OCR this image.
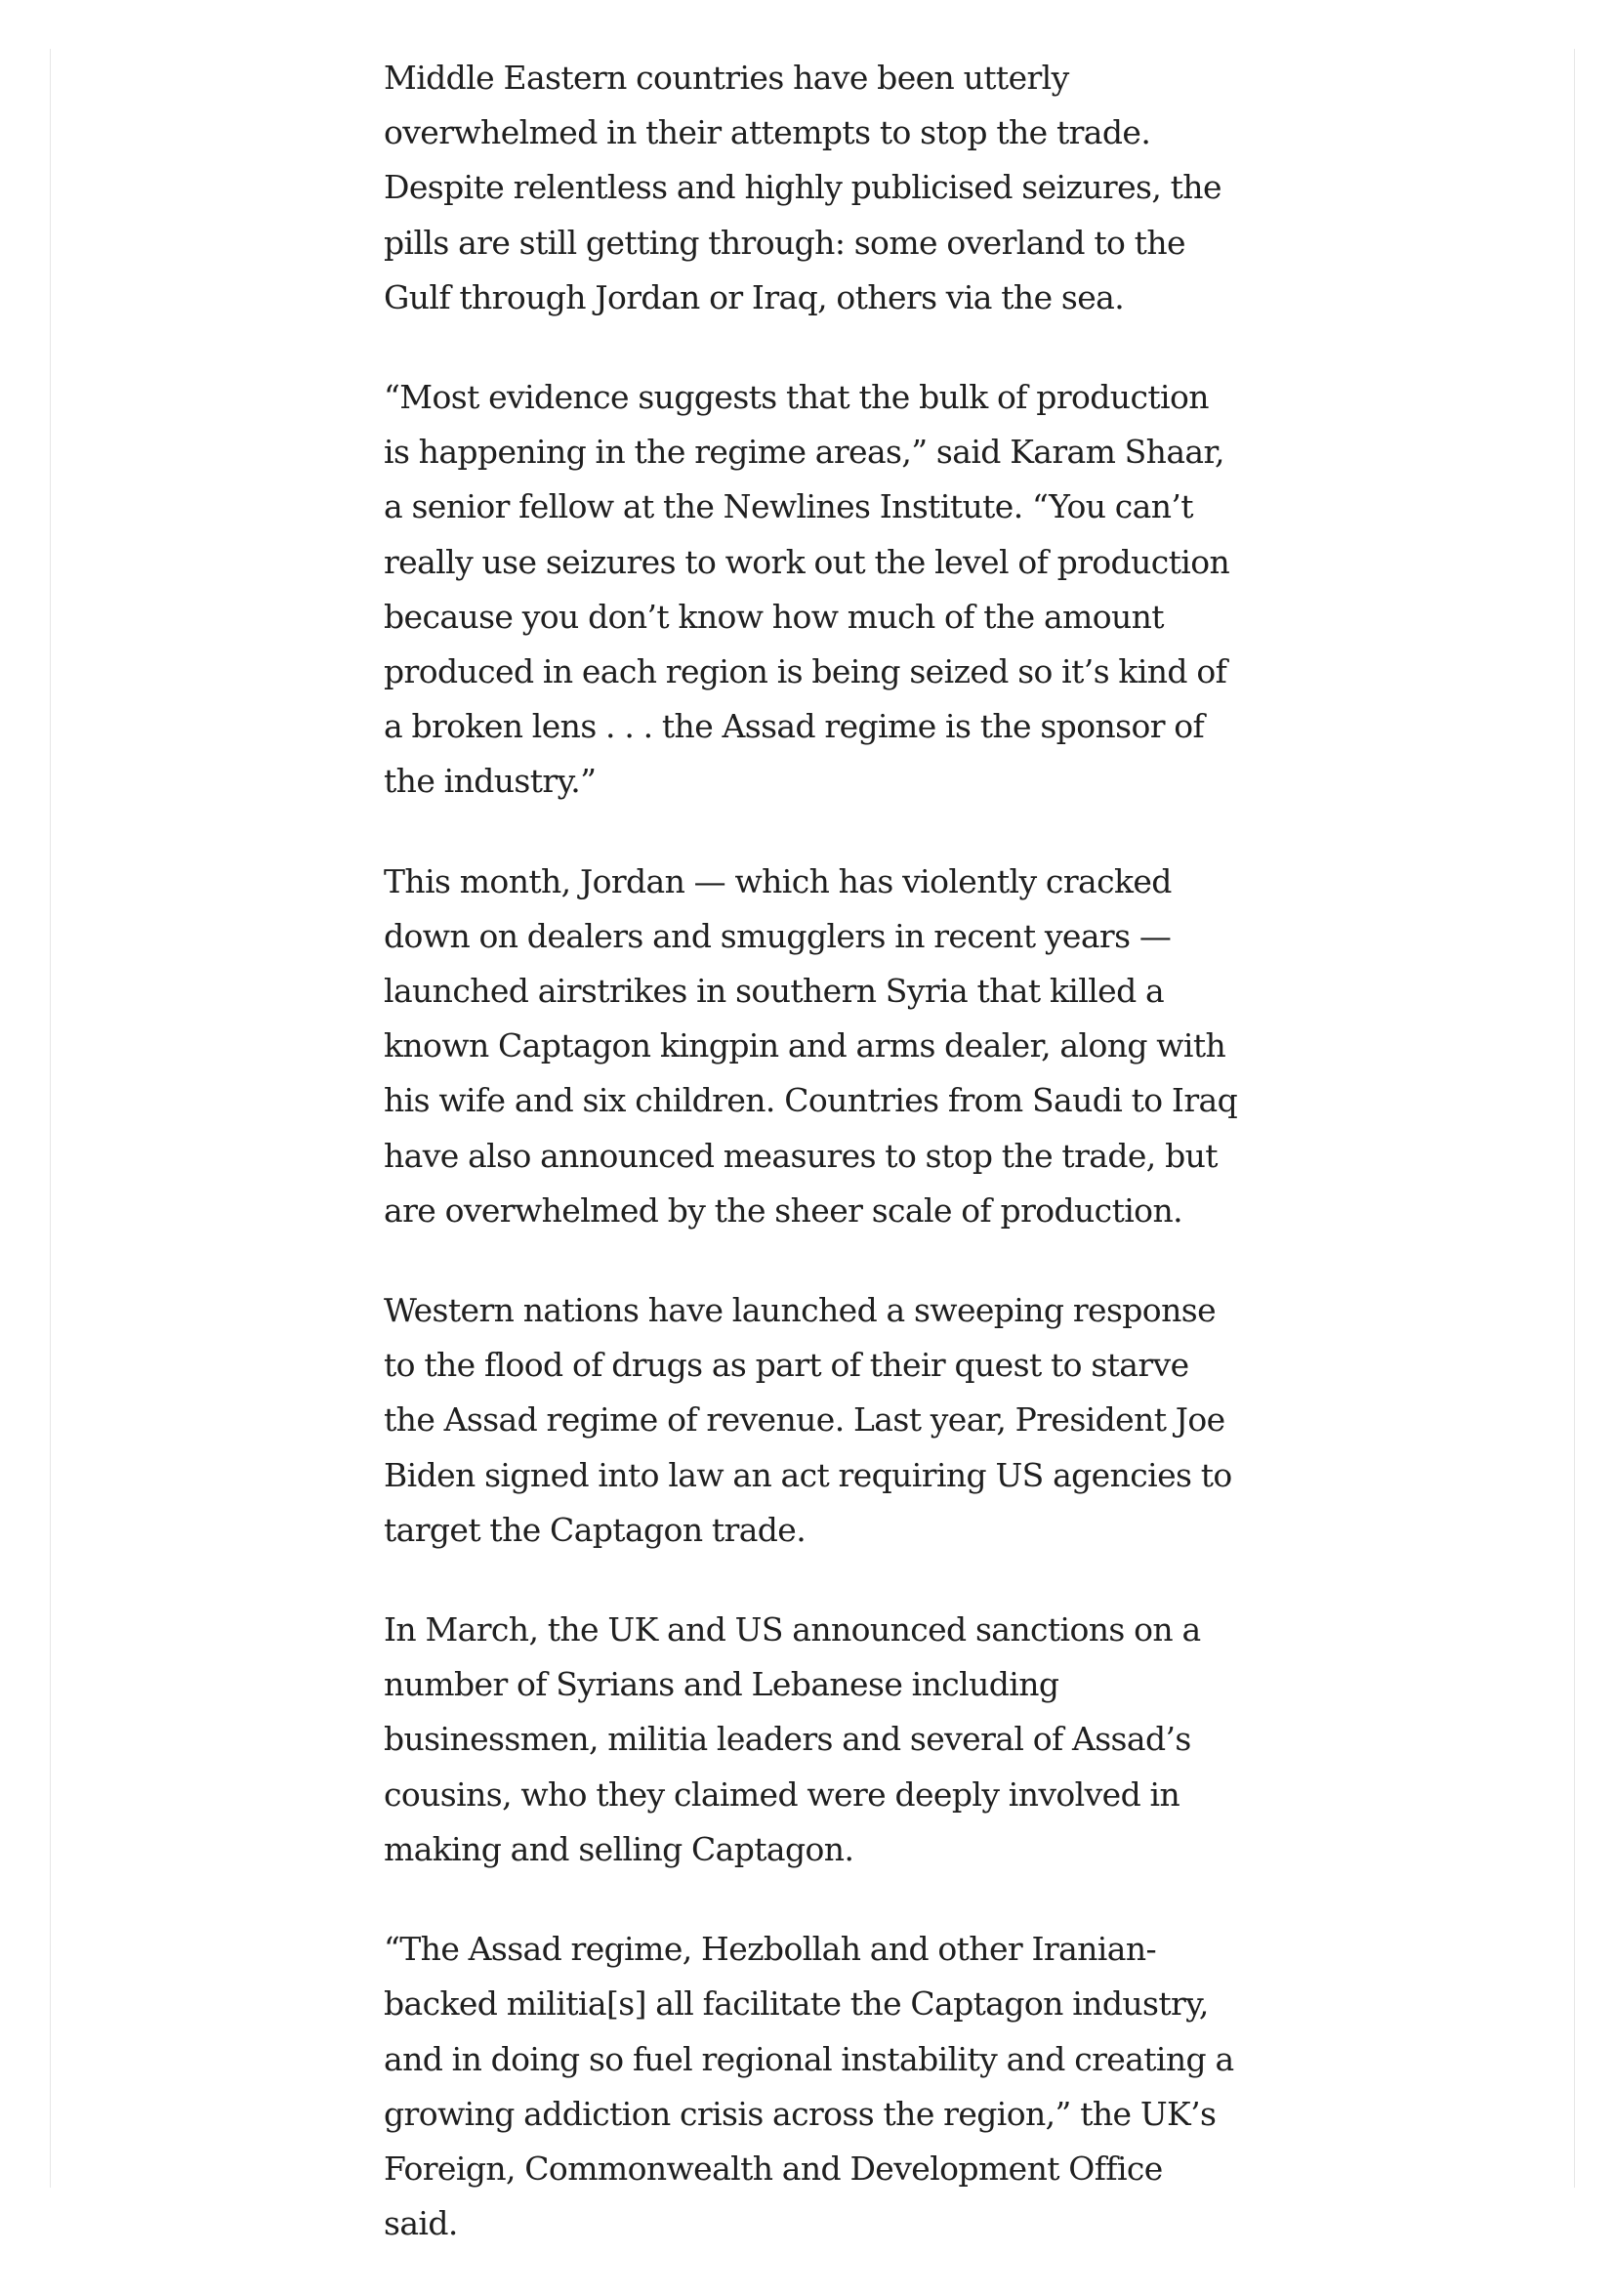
Middle Eastern countries have been utterly overwhelmed in their attempts to stop the trade. Despite relentless and highly publicised seizures, the pills are still getting through: some overland to the Gulf through Jordan or Iraq, others via the sea.

“Most evidence suggests that the bulk of production is happening in the regime areas,” said Karam Shaar, a senior fellow at the Newlines Institute. “You can’t really use seizures to work out the level of production because you don’t know how much of the amount produced in each region is being seized so it’s kind of a broken lens . . . the Assad regime is the sponsor of the industry.”

This month, Jordan — which has violently cracked down on dealers and smugglers in recent years — launched airstrikes in southern Syria that killed a known Captagon kingpin and arms dealer, along with his wife and six children. Countries from Saudi to Iraq have also announced measures to stop the trade, but are overwhelmed by the sheer scale of production.

Western nations have launched a sweeping response to the flood of drugs as part of their quest to starve the Assad regime of revenue. Last year, President Joe Biden signed into law an act requiring US agencies to target the Captagon trade.

In March, the UK and US announced sanctions on a number of Syrians and Lebanese including businessmen, militia leaders and several of Assad’s cousins, who they claimed were deeply involved in making and selling Captagon.

“The Assad regime, Hezbollah and other Iranian-backed militia[s] all facilitate the Captagon industry, and in doing so fuel regional instability and creating a growing addiction crisis across the region,” the UK’s Foreign, Commonwealth and Development Office said.
